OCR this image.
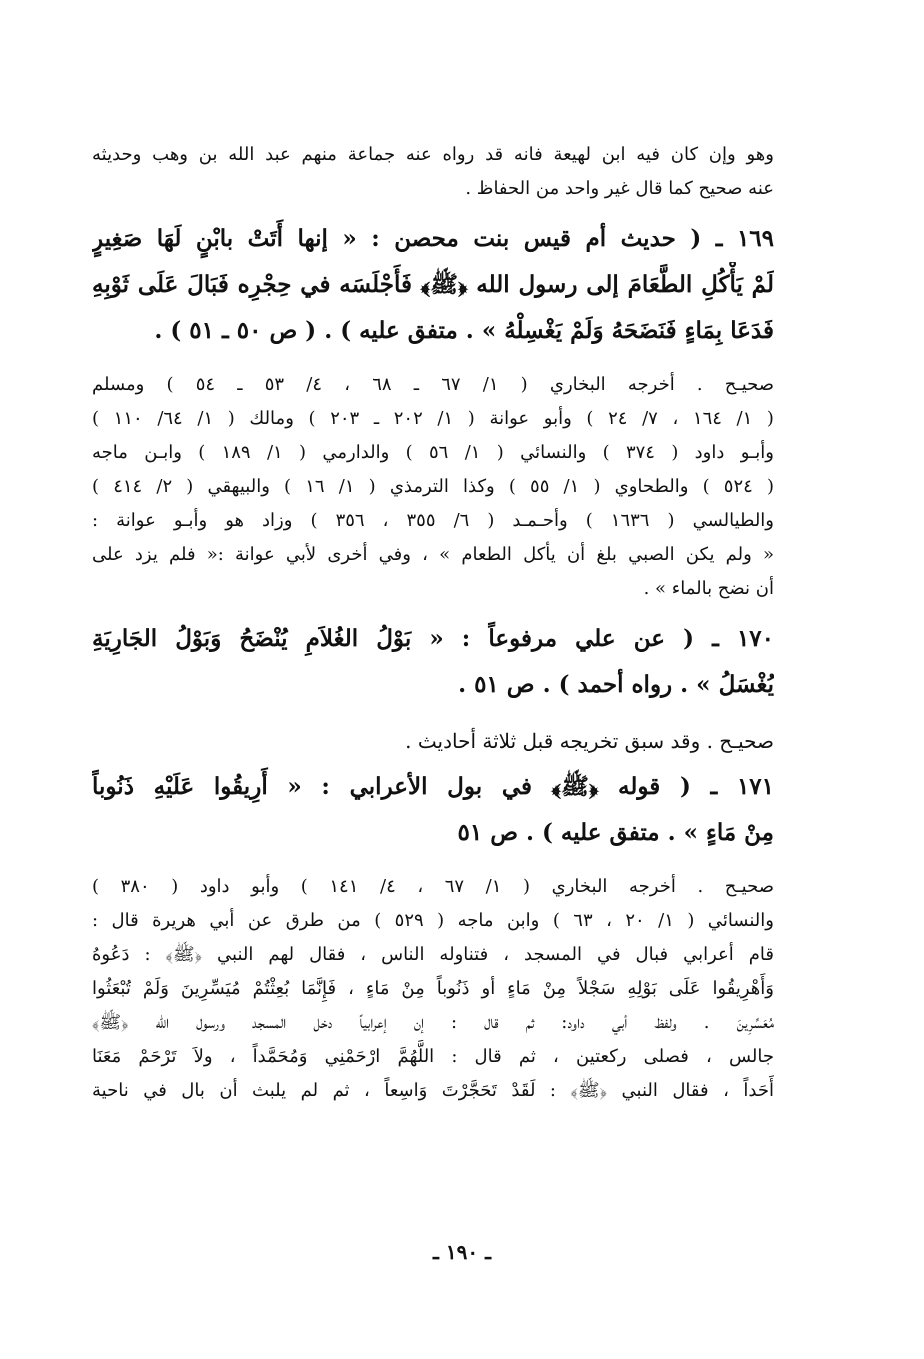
وهو وإن كان فيه ابن لهيعة فانه قد رواه عنه جماعة منهم عبد الله بن وهب وحديثه

عنه صحيح كما قال غير واحد من الحفاظ .

١٦٩ ـ ( حديث أم قيس بنت محصن : « إنها أَتَتْ بابْنٍ لَهَا صَغِيرٍ

لَمْ يَأْكُلِ الطَّعَامَ إلى رسول الله ﴿ﷺ﴾ فَأَجْلَسَه في حِجْرِه فَبَالَ عَلَى ثَوْبِهِ

فَدَعَا بِمَاءٍ فَنَضَحَهُ وَلَمْ يَغْسِلْهُ » . متفق عليه ) . ( ص ٥٠ ـ ٥١ ) .

صحيـح . أخرجه البخاري ( ١/ ٦٧ ـ ٦٨ ، ٤/ ٥٣ ـ ٥٤ ) ومسلم

( ١/ ١٦٤ ، ٧/ ٢٤ ) وأبو عوانة ( ١/ ٢٠٢ ـ ٢٠٣ ) ومالك ( ١/ ٦٤/ ١١٠ )

وأبـو داود ( ٣٧٤ ) والنسائي ( ١/ ٥٦ ) والدارمي ( ١/ ١٨٩ ) وابـن ماجه

( ٥٢٤ ) والطحاوي ( ١/ ٥٥ ) وكذا الترمذي ( ١/ ١٦ ) والبيهقي ( ٢/ ٤١٤ )

والطيالسي ( ١٦٣٦ ) وأحـمـد ( ٦/ ٣٥٥ ، ٣٥٦ ) وزاد هو وأبـو عوانة :

« ولم يكن الصبي بلغ أن يأكل الطعام » ، وفي أخرى لأبي عوانة :« فلم يزد على

أن نضح بالماء » .

١٧٠ ـ ( عن علي مرفوعاً : « بَوْلُ الغُلاَمِ يُنْضَحُ وَبَوْلُ الجَارِيَةِ

يُغْسَلُ » . رواه أحمد ) . ص ٥١ .

صحيـح . وقد سبق تخريجه قبل ثلاثة أحاديث .

١٧١ ـ ( قوله ﴿ﷺ﴾ في بول الأعرابي : « أَرِيقُوا عَلَيْهِ ذَنُوباً

مِنْ مَاءٍ » . متفق عليه ) . ص ٥١

صحيـح . أخرجه البخاري ( ١/ ٦٧ ، ٤/ ١٤١ ) وأبو داود ( ٣٨٠ )

والنسائي ( ١/ ٢٠ ، ٦٣ ) وابن ماجه ( ٥٢٩ ) من طرق عن أبي هريرة قال :

قام أعرابي فبال في المسجد ، فتناوله الناس ، فقال لهم النبي ﴿ﷺ﴾ : دَعُوهُ

وَأَهْرِيقُوا عَلَى بَوْلِهِ سَجْلاً مِنْ مَاءٍ أو ذَنُوباً مِنْ مَاءٍ ، فَإِنَّمَا بُعِثْتُمْ مُيَسِّرِينَ وَلَمْ تُبْعَثُوا

مُعَسِّرِينَ . ولفظ أبي داود: ثم قال : إن إعرابياً دخل المسجد ورسول الله ﴿ﷺ﴾

جالس ، فصلى ركعتين ، ثم قال : اللَّهُمَّ ارْحَمْنِي وَمُحَمَّداً ، ولاَ تَرْحَمْ مَعَنَا

أَحَداً ، فقال النبي ﴿ﷺ﴾ : لَقَدْ تَحَجَّرْتَ وَاسِعاً ، ثم لم يلبث أن بال في ناحية

ـ ١٩٠ ـ
